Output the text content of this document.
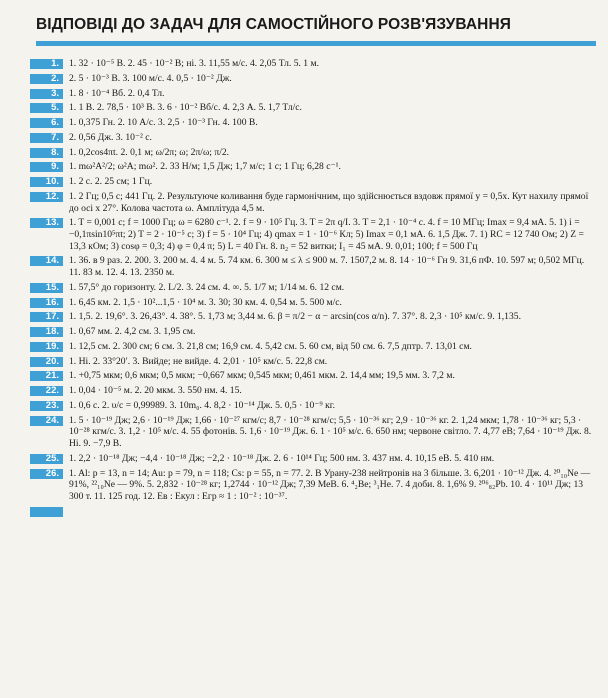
ВІДПОВІДІ ДО ЗАДАЧ ДЛЯ САМОСТІЙНОГО РОЗВ'ЯЗУВАННЯ
1.	1. 32 · 10⁻⁵ В. 2. 45 · 10⁻² В; ні. 3. 11,55 м/с. 4. 2,05 Тл. 5. 1 м.
2.	2. 5 · 10⁻³ В. 3. 100 м/с. 4. 0,5 · 10⁻² Дж.
3.	1. 8 · 10⁻⁴ Вб. 2. 0,4 Тл.
5.	1. 1 В. 2. 78,5 · 10³ В. 3. 6 · 10⁻² Вб/с. 4. 2,3 А. 5. 1,7 Тл/с.
6.	1. 0,375 Гн. 2. 10 А/с. 3. 2,5 · 10⁻³ Гн. 4. 100 В.
7.	2. 0,56 Дж. 3. 10⁻² с.
8.	1. 0,2cos4πt. 2. 0,1 м; ω/2π; ω; 2π/ω; π/2.
9.	1. mω²A²/2; ω²A; mω². 2. 33 Н/м; 1,5 Дж; 1,7 м/с; 1 с; 1 Гц; 6,28 с⁻¹.
10.	1. 2 с. 2. 25 см; 1 Гц.
12.	1. 2 Гц; 0,5 с; 441 Гц. 2. Результуюче коливання буде гармонічним, що здійснюється вздовж прямої y = 0,5x. Кут нахилу прямої до осі x 27°. Колова частота ω. Амплітуда 4,5 м.
13.	1. T = 0,001 с; f = 1000 Гц; ω = 6280 с⁻¹. 2. f = 9 · 10⁵ Гц. 3. T = 2π q/I. 3. T = 2,1 · 10⁻⁴ с. 4. f = 10 МГц; Imax = 9,4 мА. 5. 1) i = −0,1πsin10⁵πt; 2) T = 2 · 10⁻⁵ с; 3) f = 5 · 10⁴ Гц; 4) qmax = 1 · 10⁻⁶ Кл; 5) Imax = 0,1 мА. 6. 1,5 Дж. 7. 1) RC = 12 740 Ом; 2) Z = 13,3 кОм; 3) cosφ = 0,3; 4) φ = 0,4 π; 5) L = 40 Гн. 8. n₂ = 52 витки; I₁ = 45 мА. 9. 0,01; 100; f = 500 Гц
14.	1. 36. в 9 раз. 2. 200. 3. 200 м. 4. 4 м. 5. 74 км. 6. 300 м ≤ λ ≤ 900 м. 7. 1507,2 м. 8. 14 · 10⁻⁶ Гн 9. 31,6 пФ. 10. 597 м; 0,502 МГц. 11. 83 м. 12. 4. 13. 2350 м.
15.	1. 57,5° до горизонту. 2. L/2. 3. 24 см. 4. ∞. 5. 1/7 м; 1/14 м. 6. 12 см.
16.	1. 6,45 км. 2. 1,5 · 10²...1,5 · 10⁴ м. 3. 30; 30 км. 4. 0,54 м. 5. 500 м/с.
17.	1. 1,5. 2. 19,6°. 3. 26,43°. 4. 38°. 5. 1,73 м; 3,44 м. 6. β = π/2 − α − arcsin(cos α/n). 7. 37°. 8. 2,3 · 10⁵ км/с. 9. 1,135.
18.	1. 0,67 мм. 2. 4,2 см. 3. 1,95 см.
19.	1. 12,5 см. 2. 300 см; 6 см. 3. 21,8 см; 16,9 см. 4. 5,42 см. 5. 60 см, від 50 см. 6. 7,5 дптр. 7. 13,01 см.
20.	1. Ні. 2. 33°20′. 3. Вийде; не вийде. 4. 2,01 · 10⁵ км/с. 5. 22,8 см.
21.	1. +0,75 мкм; 0,6 мкм; 0,5 мкм; −0,667 мкм; 0,545 мкм; 0,461 мкм. 2. 14,4 мм; 19,5 мм. 3. 7,2 м.
22.	1. 0,04 · 10⁻⁵ м. 2. 20 мкм. 3. 550 нм. 4. 15.
23.	1. 0,6 с. 2. υ/c = 0,99989. 3. 10m₀. 4. 8,2 · 10⁻¹⁴ Дж. 5. 0,5 · 10⁻⁹ кг.
24.	1. 5 · 10⁻¹⁹ Дж; 2,6 · 10⁻¹⁹ Дж; 1,66 · 10⁻²⁷ кгм/с; 8,7 · 10⁻²⁸ кгм/с; 5,5 · 10⁻³⁶ кг; 2,9 · 10⁻³⁶ кг. 2. 1,24 мкм; 1,78 · 10⁻³⁶ кг; 5,3 · 10⁻²⁸ кгм/с. 3. 1,2 · 10⁵ м/с. 4. 55 фотонів. 5. 1,6 · 10⁻¹⁹ Дж. 6. 1 · 10⁵ м/с. 6. 650 нм; червоне світло. 7. 4,77 еВ; 7,64 · 10⁻¹⁹ Дж. 8. Ні. 9. −7,9 В.
25.	1. 2,2 · 10⁻¹⁸ Дж; −4,4 · 10⁻¹⁸ Дж; −2,2 · 10⁻¹⁸ Дж. 2. 6 · 10¹⁴ Гц; 500 нм. 3. 437 нм. 4. 10,15 еВ. 5. 410 нм.
26.	1. Al: p = 13, n = 14; Au: p = 79, n = 118; Cs: p = 55, n = 77. 2. В Урану-238 нейтронів на 3 більше. 3. 6,201 · 10⁻¹² Дж. 4. ²⁰₁₀Ne — 91%, ²²₁₀Ne — 9%. 5. 2,832 · 10⁻²⁸ кг; 1,2744 · 10⁻¹² Дж; 7,39 МеВ. 6. ⁴₂Be; ³₁He. 7. 4 доби. 8. 1,6% 9. ²⁰⁶₈₂Pb. 10. 4 · 10¹¹ Дж; 13 300 т. 11. 125 год. 12. Eв : Eкул : Eгр ≈ 1 : 10⁻² : 10⁻³⁷.
